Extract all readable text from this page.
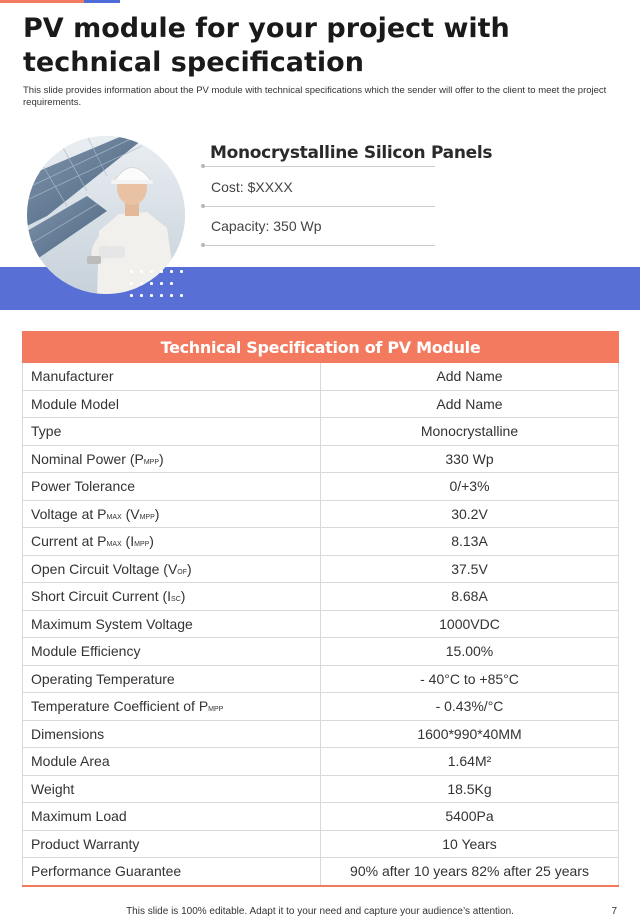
PV module for your project with technical specification
This slide provides information about the PV module with technical specifications which the sender will offer to the client to meet the project requirements.
Monocrystalline Silicon Panels
Cost: $XXXX
Capacity: 350 Wp
Technical Specification of PV Module	
Manufacturer	Add Name
Module Model	Add Name
Type	Monocrystalline
Nominal Power (PMPP)	330 Wp
Power Tolerance	0/+3%
Voltage at PMAX (VMPP)	30.2V
Current at PMAX (IMPP)	8.13A
Open Circuit Voltage (VOF)	37.5V
Short Circuit Current (ISC)	8.68A
Maximum System Voltage	1000VDC
Module Efficiency	15.00%
Operating Temperature	- 40°C to +85°C
Temperature Coefficient of PMPP	- 0.43%/°C
Dimensions	1600*990*40MM
Module Area	1.64M²
Weight	18.5Kg
Maximum Load	5400Pa
Product Warranty	10 Years
Performance Guarantee	90% after 10 years 82% after 25 years
This slide is 100% editable. Adapt it to your need and capture your audience’s attention.	7
